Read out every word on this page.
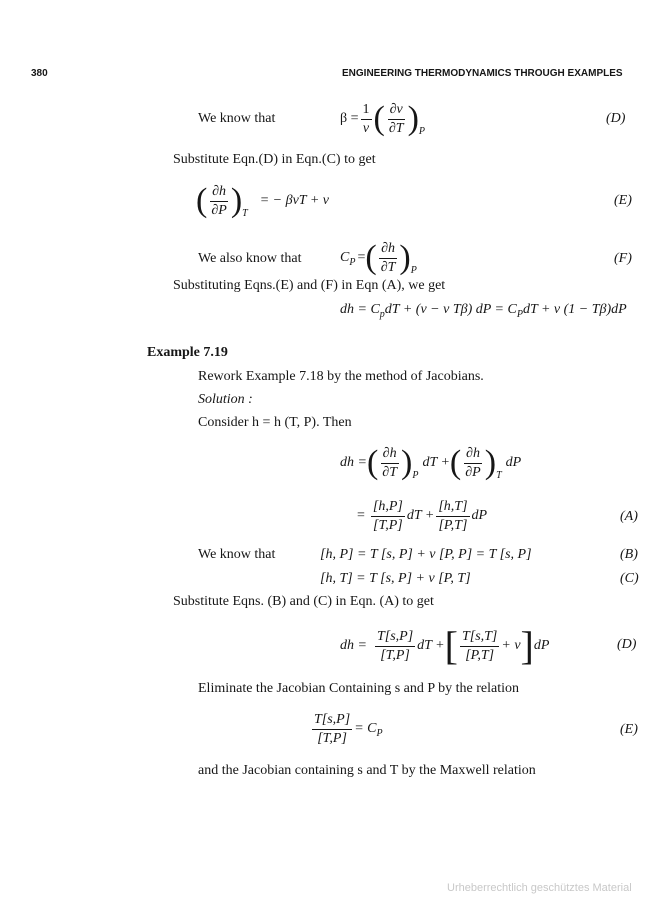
380	ENGINEERING THERMODYNAMICS THROUGH EXAMPLES
We know that	$\beta = \frac{1}{v}$ ( $\frac{\partial v}{\partial T}$ ) P
(D)
Substitute Eqn.(D) in Eqn.(C) to get
( $\frac{\partial h}{\partial P}$ ) T
= − βvT + v	(E)
We also know that	C P = ( $\frac{\partial h}{\partial T}$ ) P
(F)
Substituting Eqns.(E) and (F) in Eqn (A), we get
dh = $C_pdT + (v - v$ Tβ) dP = $C_PdT + v$ (1 − Tβ)dP
Example 7.19
Rework Example 7.18 by the method of Jacobians.
Solution :
Consider h = h (T, P). Then
dh = ( $\frac{\partial h}{\partial T}$ ) P
dT + ( $\frac{\partial h}{\partial P}$ ) T
dP
= $\frac{[h,P]}{[T,P]}$ dT + $\frac{[h,T]}{[P,T]}$ dP	(A)
We know that	[h, P] = T [s, P] + v [P, P] = T [s, P]	(B)
[h, T] = T [s, P] + v [P, T]	(C)
Substitute Eqns. (B) and (C) in Eqn. (A) to get
dh = $\frac{T[s,P]}{[T,P]}$ dT + [ $\frac{T[s,T]}{[P,T]} + v$ ] dP	(D)
Eliminate the Jacobian Containing s and P by the relation
$\frac{T[s,P]}{[T,P]} = C$ P	(E)
and the Jacobian containing s and T by the Maxwell relation
Urheberrechtlich geschütztes Material
